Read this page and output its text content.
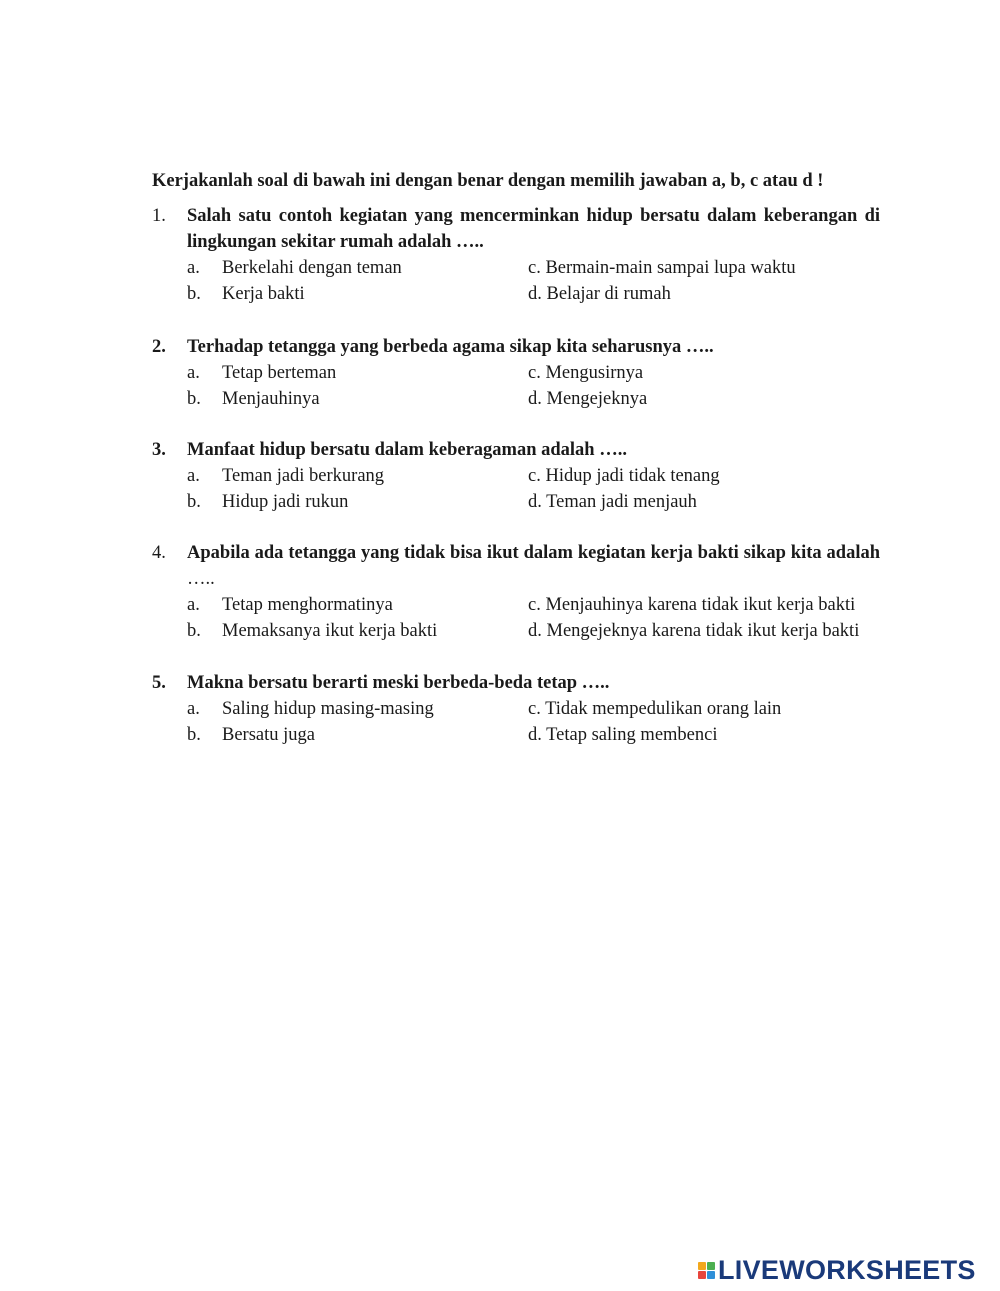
Kerjakanlah soal di bawah ini dengan benar dengan memilih jawaban a, b, c atau d !
1. Salah satu contoh kegiatan yang mencerminkan hidup bersatu dalam keberangan di lingkungan sekitar rumah adalah …..
a. Berkelahi dengan teman	c. Bermain-main sampai lupa waktu
b. Kerja bakti	d. Belajar di rumah
2. Terhadap tetangga yang berbeda agama sikap kita seharusnya …..
a. Tetap berteman	c. Mengusirnya
b. Menjauhinya	d. Mengejeknya
3. Manfaat hidup bersatu dalam keberagaman adalah …..
a. Teman jadi berkurang	c. Hidup jadi tidak tenang
b. Hidup jadi rukun	d. Teman jadi menjauh
4. Apabila ada tetangga yang tidak bisa ikut dalam kegiatan kerja bakti sikap kita adalah …..
a. Tetap menghormatinya	c. Menjauhinya karena tidak ikut kerja bakti
b. Memaksanya ikut kerja bakti	d. Mengejeknya karena tidak ikut kerja bakti
5. Makna bersatu berarti meski berbeda-beda tetap …..
a. Saling hidup masing-masing	c. Tidak mempedulikan orang lain
b. Bersatu juga	d. Tetap saling membenci
LIVEWORKSHEETS
